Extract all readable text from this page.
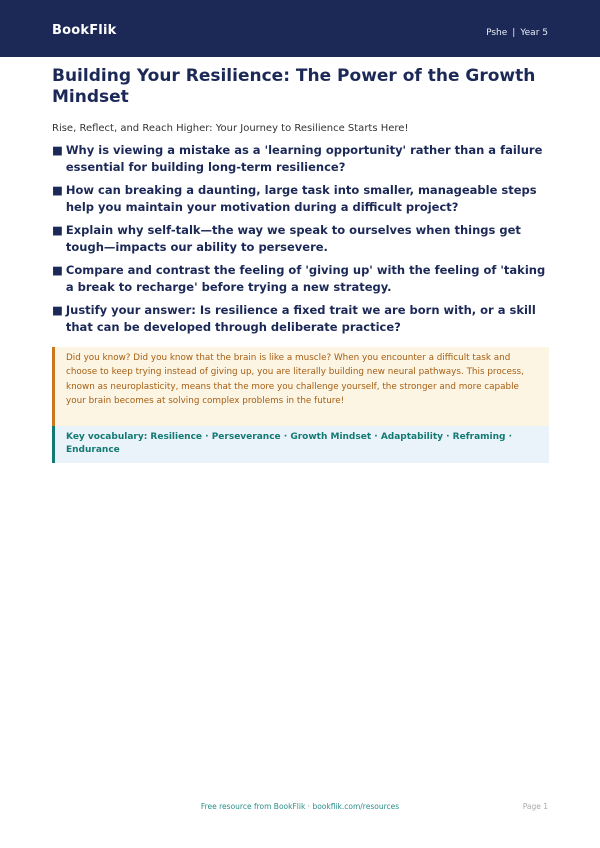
BookFlik	Pshe | Year 5
Building Your Resilience: The Power of the Growth Mindset

Rise, Reflect, and Reach Higher: Your Journey to Resilience Starts Here!

■ Why is viewing a mistake as a 'learning opportunity' rather than a failure essential for building long-term resilience?
■ How can breaking a daunting, large task into smaller, manageable steps help you maintain your motivation during a difficult project?
■ Explain why self-talk—the way we speak to ourselves when things get tough—impacts our ability to persevere.
■ Compare and contrast the feeling of 'giving up' with the feeling of 'taking a break to recharge' before trying a new strategy.
■ Justify your answer: Is resilience a fixed trait we are born with, or a skill that can be developed through deliberate practice?
Did you know? Did you know that the brain is like a muscle? When you encounter a difficult task and choose to keep trying instead of giving up, you are literally building new neural pathways. This process, known as neuroplasticity, means that the more you challenge yourself, the stronger and more capable your brain becomes at solving complex problems in the future!
Key vocabulary: Resilience · Perseverance · Growth Mindset · Adaptability · Reframing · Endurance
Free resource from BookFlik · bookflik.com/resources	Page 1
